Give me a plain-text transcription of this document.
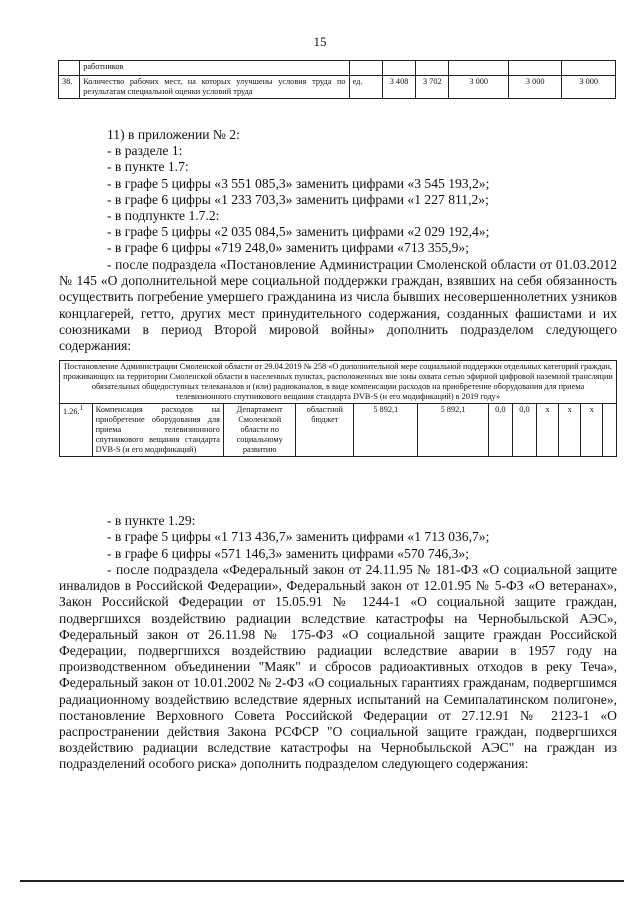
15
	работников						
38.	Количество рабочих мест, на которых улучшены условия труда по результатам специальной оценки условий труда	ед.	3 408	3 702	3 000	3 000	3 000

11) в приложении № 2:

- в разделе 1:

- в пункте 1.7:

- в графе 5 цифры «3 551 085,3» заменить цифрами «3 545 193,2»;

- в графе 6 цифры «1 233 703,3» заменить цифрами «1 227 811,2»;

- в подпункте 1.7.2:

- в графе 5 цифры «2 035 084,5» заменить цифрами «2 029 192,4»;

- в графе 6 цифры «719 248,0» заменить цифрами «713 355,9»;

- после подраздела «Постановление Администрации Смоленской области от 01.03.2012 № 145 «О дополнительной мере социальной поддержки граждан, взявших на себя обязанность осуществить погребение умершего гражданина из числа бывших несовершеннолетних узников концлагерей, гетто, других мест принудительного содержания, созданных фашистами и их союзниками в период Второй мировой войны» дополнить подразделом следующего содержания:

Постановление Администрации Смоленской области от 29.04.2019 № 258 «О дополнительной мере социальной поддержки отдельных категорий граждан, проживающих на территории Смоленской области в населенных пунктах, расположенных вне зоны охвата сетью эфирной цифровой наземной трансляции обязательных общедоступных телеканалов и (или) радиоканалов, в виде компенсации расходов на приобретение оборудования для приема телевизионного спутникового вещания стандарта DVB-S (и его модификаций) в 2019 году»
1.26.$^1$	Компенсация расходов на приобретение оборудования для приема телевизионного спутникового вещания стандарта DVB-S (и его модификаций)	Департамент Смоленской области по социальному развитию	областной бюджет	5 892,1	5 892,1	0,0	0,0	x	x	x	

- в пункте 1.29:

- в графе 5 цифры «1 713 436,7» заменить цифрами «1 713 036,7»;

- в графе 6 цифры «571 146,3» заменить цифрами «570 746,3»;

- после подраздела «Федеральный закон от 24.11.95 № 181-ФЗ «О социальной защите инвалидов в Российской Федерации», Федеральный закон от 12.01.95 № 5-ФЗ «О ветеранах», Закон Российской Федерации от 15.05.91 № 1244-1 «О социальной защите граждан, подвергшихся воздействию радиации вследствие катастрофы на Чернобыльской АЭС», Федеральный закон от 26.11.98 № 175-ФЗ «О социальной защите граждан Российской Федерации, подвергшихся воздействию радиации вследствие аварии в 1957 году на производственном объединении "Маяк" и сбросов радиоактивных отходов в реку Теча», Федеральный закон от 10.01.2002 № 2-ФЗ «О социальных гарантиях гражданам, подвергшимся радиационному воздействию вследствие ядерных испытаний на Семипалатинском полигоне», постановление Верховного Совета Российской Федерации от 27.12.91 № 2123-1 «О распространении действия Закона РСФСР "О социальной защите граждан, подвергшихся воздействию радиации вследствие катастрофы на Чернобыльской АЭС" на граждан из подразделений особого риска» дополнить подразделом следующего содержания:
